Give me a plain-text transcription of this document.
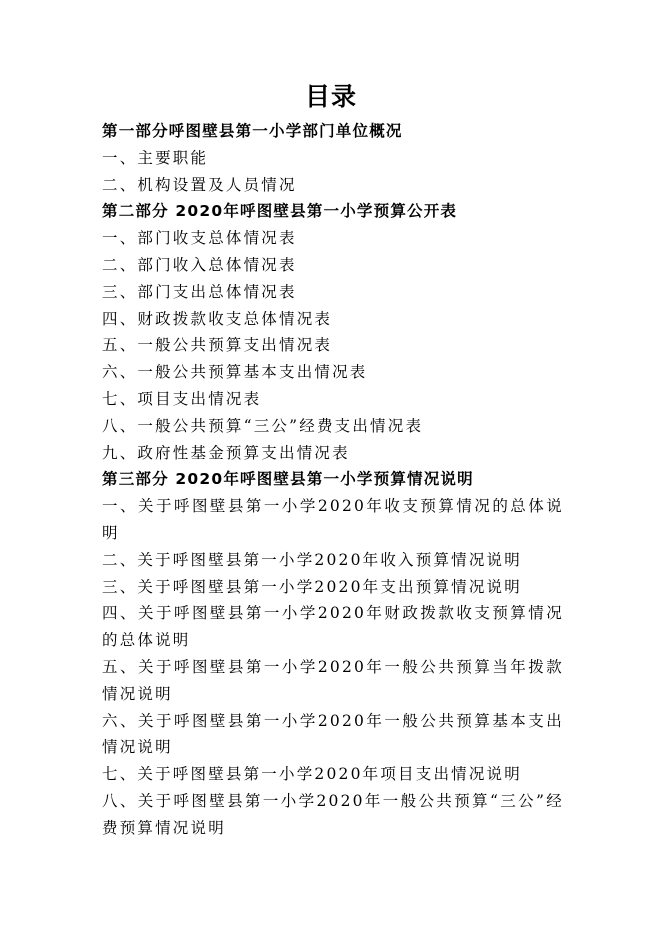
目录
第一部分呼图壁县第一小学部门单位概况
一、主要职能
二、机构设置及人员情况
第二部分 2020年呼图壁县第一小学预算公开表
一、部门收支总体情况表
二、部门收入总体情况表
三、部门支出总体情况表
四、财政拨款收支总体情况表
五、一般公共预算支出情况表
六、一般公共预算基本支出情况表
七、项目支出情况表
八、一般公共预算“三公”经费支出情况表
九、政府性基金预算支出情况表
第三部分 2020年呼图壁县第一小学预算情况说明
一、关于呼图壁县第一小学2020年收支预算情况的总体说明
二、关于呼图壁县第一小学2020年收入预算情况说明
三、关于呼图壁县第一小学2020年支出预算情况说明
四、关于呼图壁县第一小学2020年财政拨款收支预算情况的总体说明
五、关于呼图壁县第一小学2020年一般公共预算当年拨款情况说明
六、关于呼图壁县第一小学2020年一般公共预算基本支出情况说明
七、关于呼图壁县第一小学2020年项目支出情况说明
八、关于呼图壁县第一小学2020年一般公共预算“三公”经费预算情况说明
